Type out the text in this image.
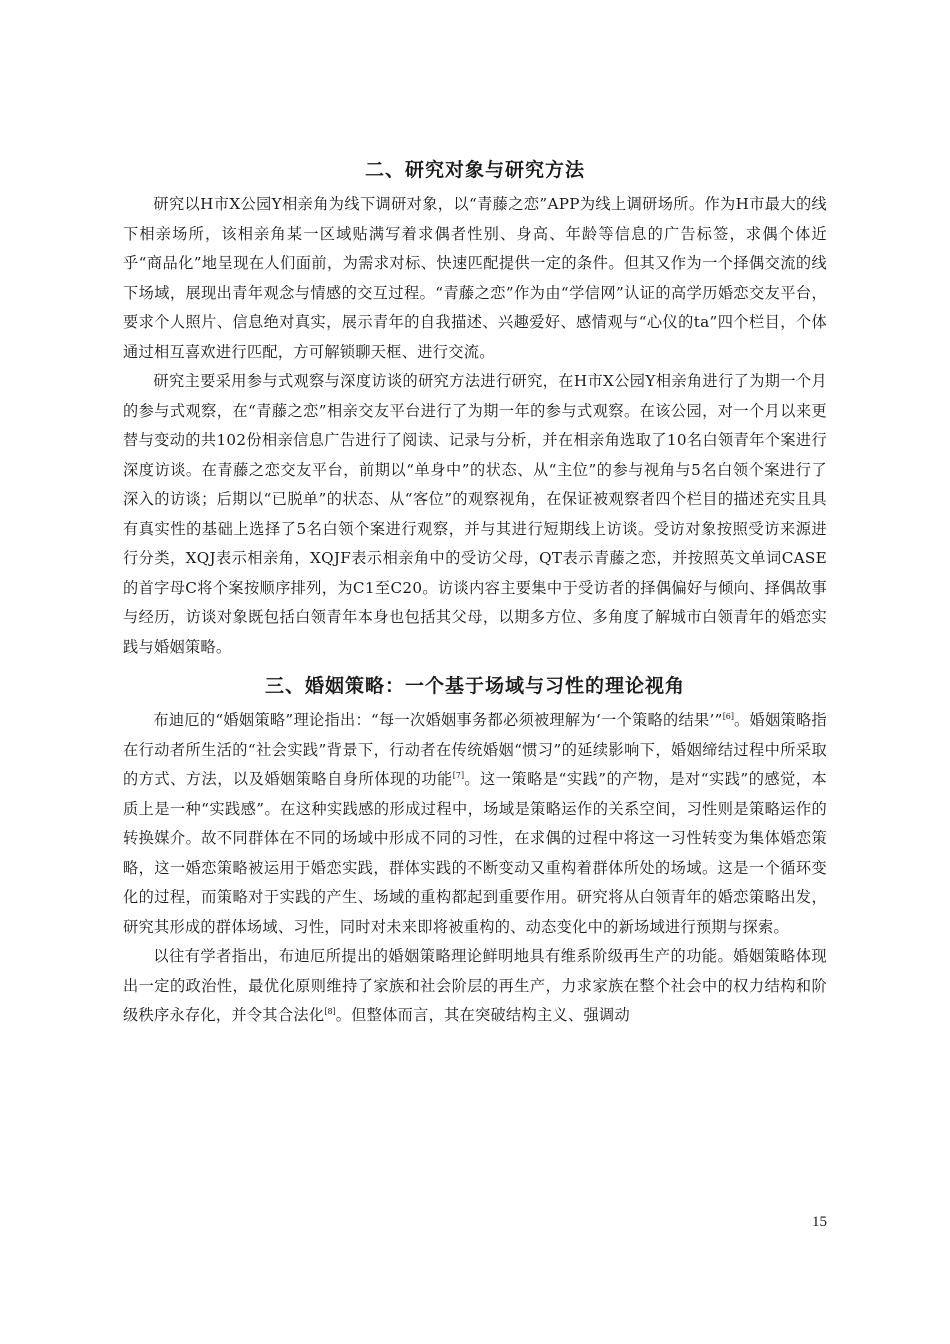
二、研究对象与研究方法

研究以H市X公园Y相亲角为线下调研对象，以“青藤之恋”APP为线上调研场所。作为H市最大的线下相亲场所，该相亲角某一区域贴满写着求偶者性别、身高、年龄等信息的广告标签，求偶个体近乎“商品化”地呈现在人们面前，为需求对标、快速匹配提供一定的条件。但其又作为一个择偶交流的线下场域，展现出青年观念与情感的交互过程。“青藤之恋”作为由“学信网”认证的高学历婚恋交友平台，要求个人照片、信息绝对真实，展示青年的自我描述、兴趣爱好、感情观与“心仪的ta”四个栏目，个体通过相互喜欢进行匹配，方可解锁聊天框、进行交流。

研究主要采用参与式观察与深度访谈的研究方法进行研究，在H市X公园Y相亲角进行了为期一个月的参与式观察，在“青藤之恋”相亲交友平台进行了为期一年的参与式观察。在该公园，对一个月以来更替与变动的共102份相亲信息广告进行了阅读、记录与分析，并在相亲角选取了10名白领青年个案进行深度访谈。在青藤之恋交友平台，前期以“单身中”的状态、从“主位”的参与视角与5名白领个案进行了深入的访谈；后期以“已脱单”的状态、从“客位”的观察视角，在保证被观察者四个栏目的描述充实且具有真实性的基础上选择了5名白领个案进行观察，并与其进行短期线上访谈。受访对象按照受访来源进行分类，XQJ表示相亲角，XQJF表示相亲角中的受访父母，QT表示青藤之恋，并按照英文单词CASE的首字母C将个案按顺序排列，为C1至C20。访谈内容主要集中于受访者的择偶偏好与倾向、择偶故事与经历，访谈对象既包括白领青年本身也包括其父母，以期多方位、多角度了解城市白领青年的婚恋实践与婚姻策略。

三、婚姻策略：一个基于场域与习性的理论视角

布迪厄的“婚姻策略”理论指出：“每一次婚姻事务都必须被理解为‘一个策略的结果’”[6]。婚姻策略指在行动者所生活的“社会实践”背景下，行动者在传统婚姻“惯习”的延续影响下，婚姻缔结过程中所采取的方式、方法，以及婚姻策略自身所体现的功能[7]。这一策略是“实践”的产物，是对“实践”的感觉，本质上是一种“实践感”。在这种实践感的形成过程中，场域是策略运作的关系空间，习性则是策略运作的转换媒介。故不同群体在不同的场域中形成不同的习性，在求偶的过程中将这一习性转变为集体婚恋策略，这一婚恋策略被运用于婚恋实践，群体实践的不断变动又重构着群体所处的场域。这是一个循环变化的过程，而策略对于实践的产生、场域的重构都起到重要作用。研究将从白领青年的婚恋策略出发，研究其形成的群体场域、习性，同时对未来即将被重构的、动态变化中的新场域进行预期与探索。

以往有学者指出，布迪厄所提出的婚姻策略理论鲜明地具有维系阶级再生产的功能。婚姻策略体现出一定的政治性，最优化原则维持了家族和社会阶层的再生产，力求家族在整个社会中的权力结构和阶级秩序永存化，并令其合法化[8]。但整体而言，其在突破结构主义、强调动

15
